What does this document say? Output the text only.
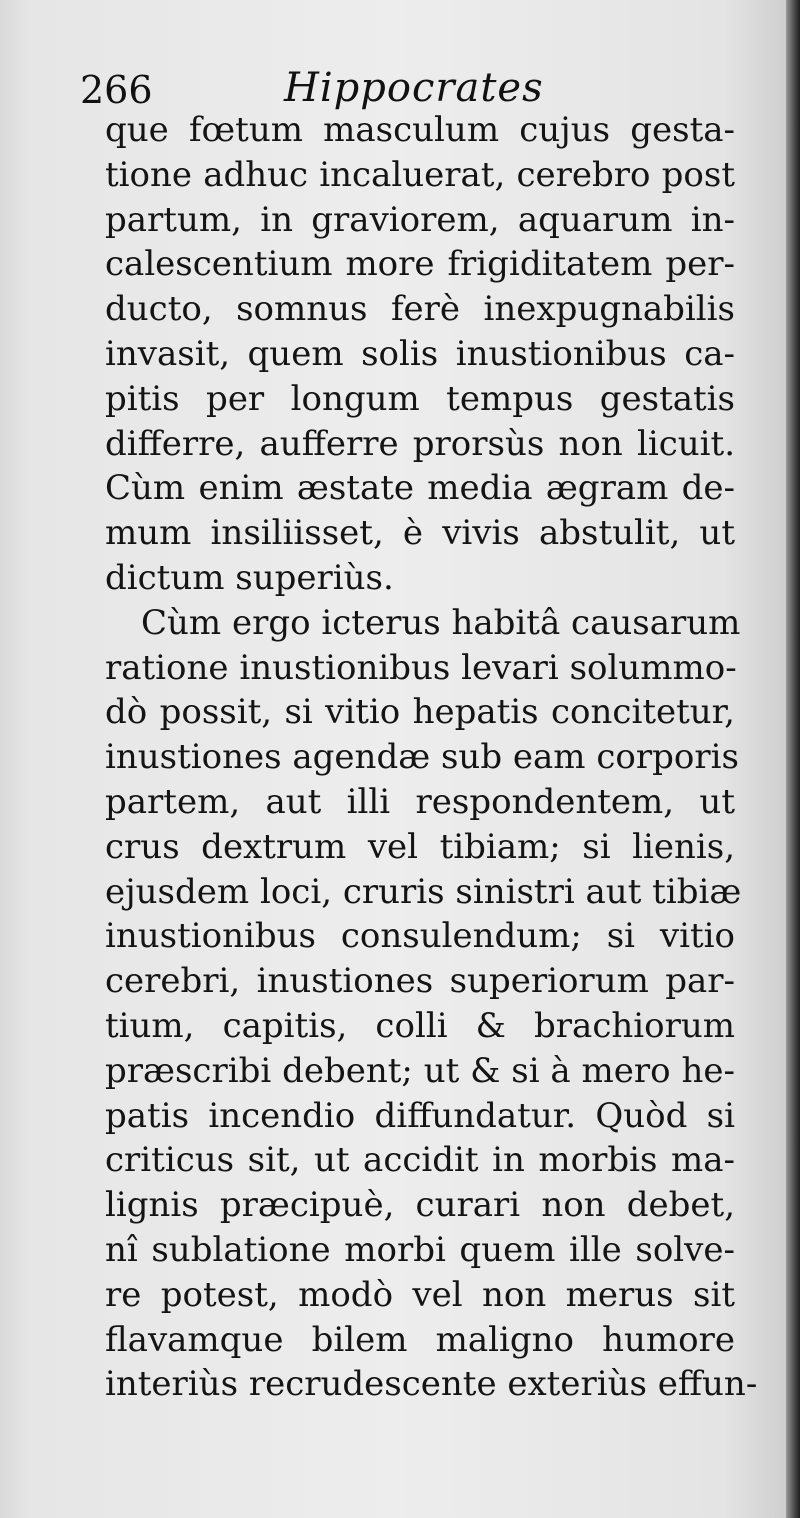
266	Hippocrates
que fœtum masculum cujus gesta-
tione adhuc incaluerat, cerebro post
partum, in graviorem, aquarum in-
calescentium more frigiditatem per-
ducto, somnus ferè inexpugnabilis
invasit, quem solis inustionibus ca-
pitis per longum tempus gestatis
differre, aufferre prorsùs non licuit.
Cùm enim æstate media ægram de-
mum insiliisset, è vivis abstulit, ut
dictum superiùs.
Cùm ergo icterus habitâ causarum
ratione inustionibus levari solummo-
dò possit, si vitio hepatis concitetur,
inustiones agendæ sub eam corporis
partem, aut illi respondentem, ut
crus dextrum vel tibiam; si lienis,
ejusdem loci, cruris sinistri aut tibiæ
inustionibus consulendum; si vitio
cerebri, inustiones superiorum par-
tium, capitis, colli & brachiorum
præscribi debent; ut & si à mero he-
patis incendio diffundatur. Quòd si
criticus sit, ut accidit in morbis ma-
lignis præcipuè, curari non debet,
nî sublatione morbi quem ille solve-
re potest, modò vel non merus sit
flavamque bilem maligno humore
interiùs recrudescente exteriùs effun-
